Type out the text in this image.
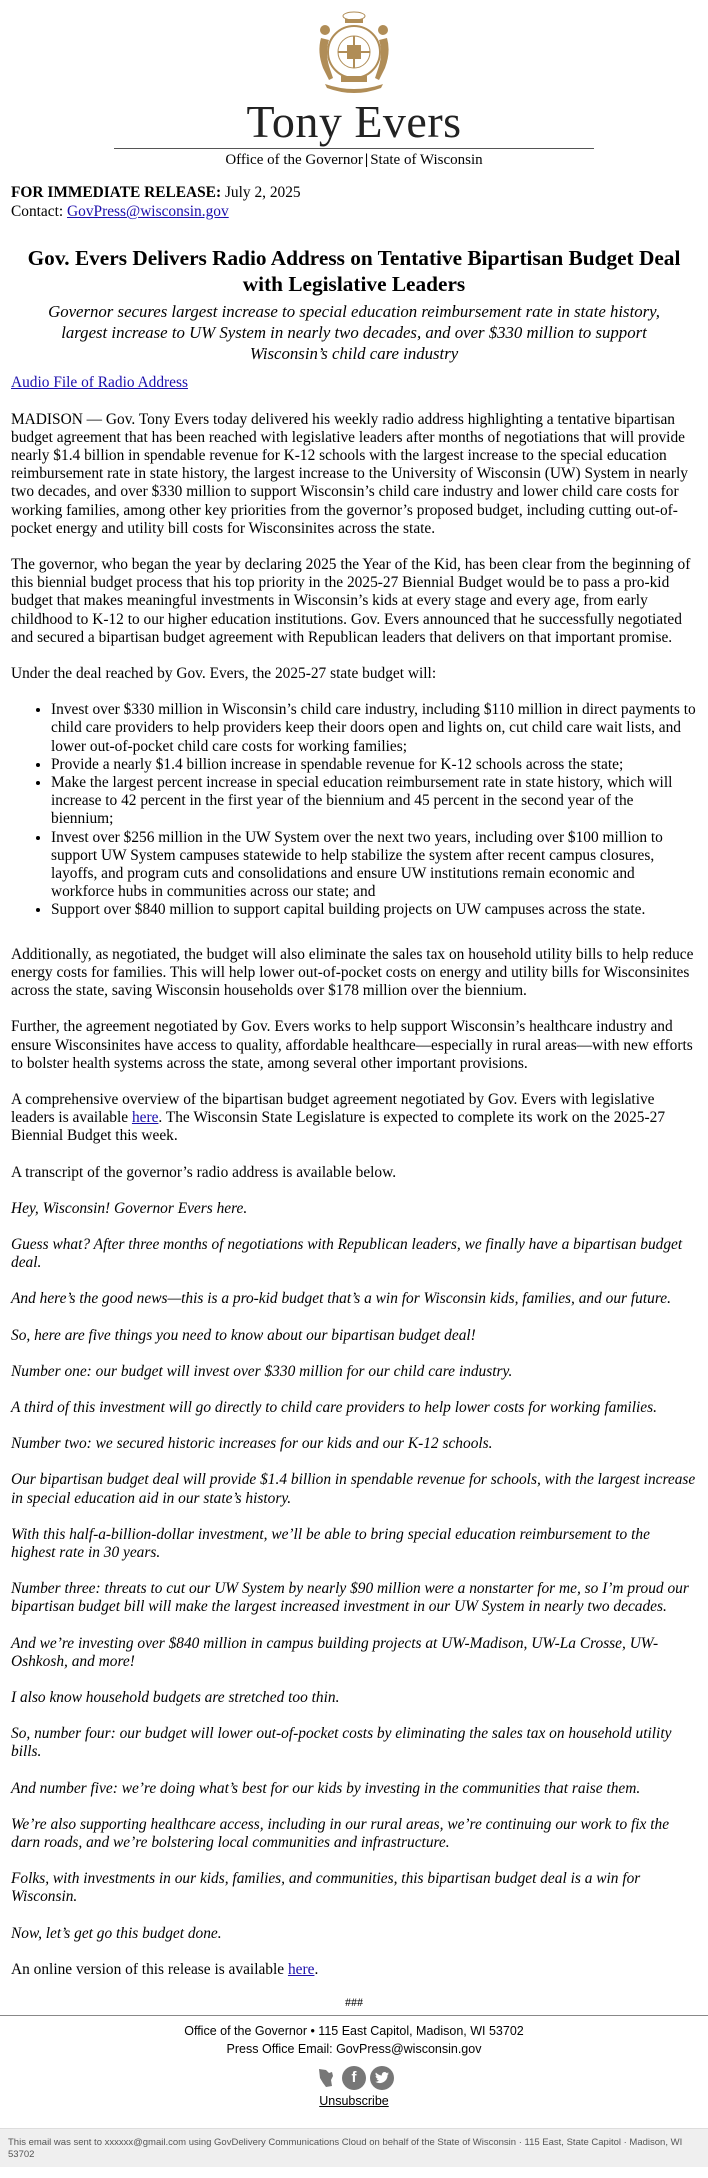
Tony Evers
Office of the Governor | State of Wisconsin
FOR IMMEDIATE RELEASE: July 2, 2025
Contact: GovPress@wisconsin.gov
Gov. Evers Delivers Radio Address on Tentative Bipartisan Budget Deal with Legislative Leaders
Governor secures largest increase to special education reimbursement rate in state history, largest increase to UW System in nearly two decades, and over $330 million to support Wisconsin’s child care industry
Audio File of Radio Address

MADISON — Gov. Tony Evers today delivered his weekly radio address highlighting a tentative bipartisan budget agreement that has been reached with legislative leaders after months of negotiations that will provide nearly $1.4 billion in spendable revenue for K-12 schools with the largest increase to the special education reimbursement rate in state history, the largest increase to the University of Wisconsin (UW) System in nearly two decades, and over $330 million to support Wisconsin’s child care industry and lower child care costs for working families, among other key priorities from the governor’s proposed budget, including cutting out-of-pocket energy and utility bill costs for Wisconsinites across the state.

The governor, who began the year by declaring 2025 the Year of the Kid, has been clear from the beginning of this biennial budget process that his top priority in the 2025-27 Biennial Budget would be to pass a pro-kid budget that makes meaningful investments in Wisconsin’s kids at every stage and every age, from early childhood to K-12 to our higher education institutions. Gov. Evers announced that he successfully negotiated and secured a bipartisan budget agreement with Republican leaders that delivers on that important promise.

Under the deal reached by Gov. Evers, the 2025-27 state budget will:

• Invest over $330 million in Wisconsin’s child care industry, including $110 million in direct payments to child care providers to help providers keep their doors open and lights on, cut child care wait lists, and lower out-of-pocket child care costs for working families;
• Provide a nearly $1.4 billion increase in spendable revenue for K-12 schools across the state;
• Make the largest percent increase in special education reimbursement rate in state history, which will increase to 42 percent in the first year of the biennium and 45 percent in the second year of the biennium;
• Invest over $256 million in the UW System over the next two years, including over $100 million to support UW System campuses statewide to help stabilize the system after recent campus closures, layoffs, and program cuts and consolidations and ensure UW institutions remain economic and workforce hubs in communities across our state; and
• Support over $840 million to support capital building projects on UW campuses across the state.

Additionally, as negotiated, the budget will also eliminate the sales tax on household utility bills to help reduce energy costs for families. This will help lower out-of-pocket costs on energy and utility bills for Wisconsinites across the state, saving Wisconsin households over $178 million over the biennium.

Further, the agreement negotiated by Gov. Evers works to help support Wisconsin’s healthcare industry and ensure Wisconsinites have access to quality, affordable healthcare—especially in rural areas—with new efforts to bolster health systems across the state, among several other important provisions.

A comprehensive overview of the bipartisan budget agreement negotiated by Gov. Evers with legislative leaders is available here. The Wisconsin State Legislature is expected to complete its work on the 2025-27 Biennial Budget this week.

A transcript of the governor’s radio address is available below.

Hey, Wisconsin! Governor Evers here.

Guess what? After three months of negotiations with Republican leaders, we finally have a bipartisan budget deal.

And here’s the good news—this is a pro-kid budget that’s a win for Wisconsin kids, families, and our future.

So, here are five things you need to know about our bipartisan budget deal!

Number one: our budget will invest over $330 million for our child care industry.

A third of this investment will go directly to child care providers to help lower costs for working families.

Number two: we secured historic increases for our kids and our K-12 schools.

Our bipartisan budget deal will provide $1.4 billion in spendable revenue for schools, with the largest increase in special education aid in our state’s history.

With this half-a-billion-dollar investment, we’ll be able to bring special education reimbursement to the highest rate in 30 years.

Number three: threats to cut our UW System by nearly $90 million were a nonstarter for me, so I’m proud our bipartisan budget bill will make the largest increased investment in our UW System in nearly two decades.

And we’re investing over $840 million in campus building projects at UW-Madison, UW-La Crosse, UW-Oshkosh, and more!

I also know household budgets are stretched too thin.

So, number four: our budget will lower out-of-pocket costs by eliminating the sales tax on household utility bills.

And number five: we’re doing what’s best for our kids by investing in the communities that raise them.

We’re also supporting healthcare access, including in our rural areas, we’re continuing our work to fix the darn roads, and we’re bolstering local communities and infrastructure.

Folks, with investments in our kids, families, and communities, this bipartisan budget deal is a win for Wisconsin.

Now, let’s get go this budget done.

An online version of this release is available here.

###
Office of the Governor • 115 East Capitol, Madison, WI 53702
Press Office Email: GovPress@wisconsin.gov
f
Unsubscribe
This email was sent to xxxxxx@gmail.com using GovDelivery Communications Cloud on behalf of the State of Wisconsin · 115 East, State Capitol · Madison, WI 53702
